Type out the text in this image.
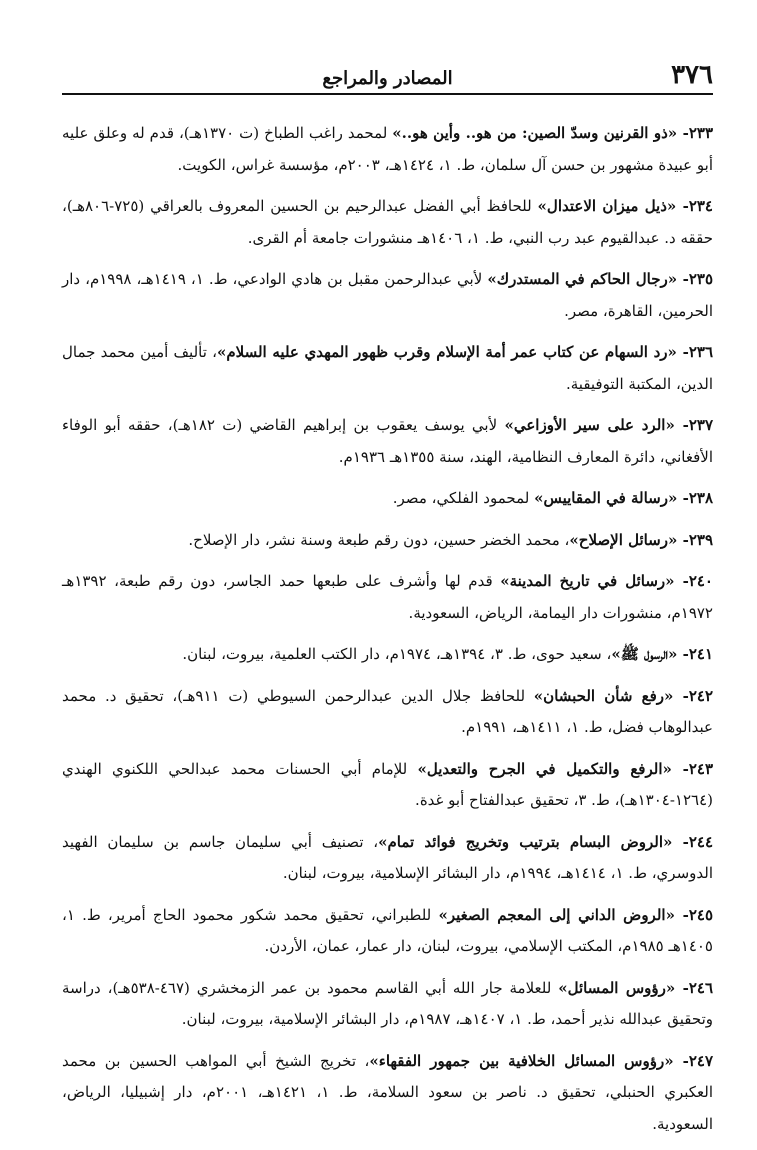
٣٧٦
المصادر والمراجع

٢٣٣- «ذو القرنين وسدّ الصين: من هو.. وأين هو..» لمحمد راغب الطباخ (ت ١٣٧٠هـ)، قدم له وعلق عليه أبو عبيدة مشهور بن حسن آل سلمان، ط. ١، ١٤٢٤هـ، ٢٠٠٣م، مؤسسة غراس، الكويت.

٢٣٤- «ذيل ميزان الاعتدال» للحافظ أبي الفضل عبدالرحيم بن الحسين المعروف بالعراقي (٧٢٥-٨٠٦هـ)، حققه د. عبدالقيوم عبد رب النبي، ط. ١، ١٤٠٦هـ منشورات جامعة أم القرى.

٢٣٥- «رجال الحاكم في المستدرك» لأبي عبدالرحمن مقبل بن هادي الوادعي، ط. ١، ١٤١٩هـ، ١٩٩٨م، دار الحرمين، القاهرة، مصر.

٢٣٦- «رد السهام عن كتاب عمر أمة الإسلام وقرب ظهور المهدي عليه السلام»، تأليف أمين محمد جمال الدين، المكتبة التوفيقية.

٢٣٧- «الرد على سير الأوزاعي» لأبي يوسف يعقوب بن إبراهيم القاضي (ت ١٨٢هـ)، حققه أبو الوفاء الأفغاني، دائرة المعارف النظامية، الهند، سنة ١٣٥٥هـ ١٩٣٦م.

٢٣٨- «رسالة في المقاييس» لمحمود الفلكي، مصر.

٢٣٩- «رسائل الإصلاح»، محمد الخضر حسين، دون رقم طبعة وسنة نشر، دار الإصلاح.

٢٤٠- «رسائل في تاريخ المدينة» قدم لها وأشرف على طبعها حمد الجاسر، دون رقم طبعة، ١٣٩٢هـ ١٩٧٢م، منشورات دار اليمامة، الرياض، السعودية.

٢٤١- «الرسول ﷺ»، سعيد حوى، ط. ٣، ١٣٩٤هـ، ١٩٧٤م، دار الكتب العلمية، بيروت، لبنان.

٢٤٢- «رفع شأن الحبشان» للحافظ جلال الدين عبدالرحمن السيوطي (ت ٩١١هـ)، تحقيق د. محمد عبدالوهاب فضل، ط. ١، ١٤١١هـ، ١٩٩١م.

٢٤٣- «الرفع والتكميل في الجرح والتعديل» للإمام أبي الحسنات محمد عبدالحي اللكنوي الهندي (١٢٦٤-١٣٠٤هـ)، ط. ٣، تحقيق عبدالفتاح أبو غدة.

٢٤٤- «الروض البسام بترتيب وتخريج فوائد تمام»، تصنيف أبي سليمان جاسم بن سليمان الفهيد الدوسري، ط. ١، ١٤١٤هـ، ١٩٩٤م، دار البشائر الإسلامية، بيروت، لبنان.

٢٤٥- «الروض الداني إلى المعجم الصغير» للطبراني، تحقيق محمد شكور محمود الحاج أمرير، ط. ١، ١٤٠٥هـ ١٩٨٥م، المكتب الإسلامي، بيروت، لبنان، دار عمار، عمان، الأردن.

٢٤٦- «رؤوس المسائل» للعلامة جار الله أبي القاسم محمود بن عمر الزمخشري (٤٦٧-٥٣٨هـ)، دراسة وتحقيق عبدالله نذير أحمد، ط. ١، ١٤٠٧هـ، ١٩٨٧م، دار البشائر الإسلامية، بيروت، لبنان.

٢٤٧- «رؤوس المسائل الخلافية بين جمهور الفقهاء»، تخريج الشيخ أبي المواهب الحسين بن محمد العكبري الحنبلي، تحقيق د. ناصر بن سعود السلامة، ط. ١، ١٤٢١هـ، ٢٠٠١م، دار إشبيليا، الرياض، السعودية.
